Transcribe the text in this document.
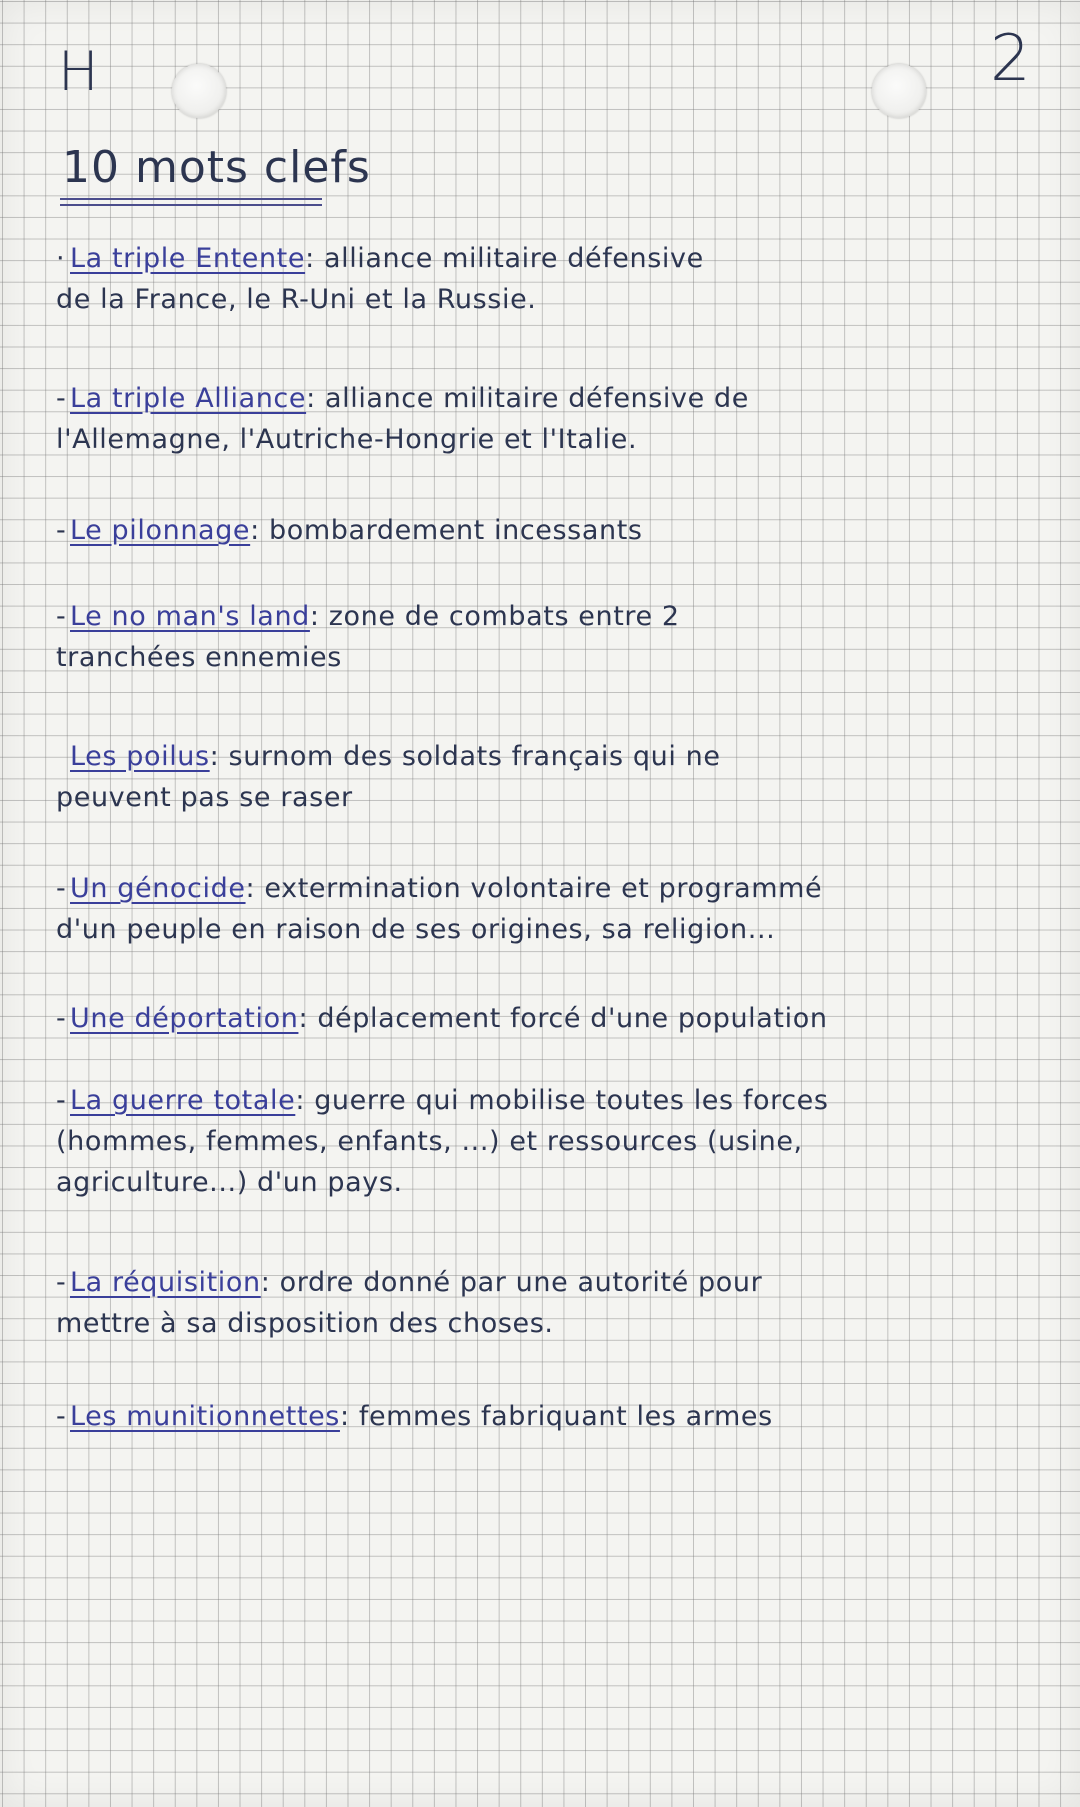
H	2
10 mots clefs
· La triple Entente: alliance militaire défensive
de la France, le R-Uni et la Russie.
- La triple Alliance: alliance militaire défensive de
l'Allemagne, l'Autriche-Hongrie et l'Italie.
- Le pilonnage: bombardement incessants
- Le no man's land: zone de combats entre 2
tranchées ennemies
Les poilus: surnom des soldats français qui ne
peuvent pas se raser
- Un génocide: extermination volontaire et programmé
d'un peuple en raison de ses origines, sa religion...
- Une déportation: déplacement forcé d'une population
- La guerre totale: guerre qui mobilise toutes les forces
(hommes, femmes, enfants, ...) et ressources (usine,
agriculture...) d'un pays.
- La réquisition: ordre donné par une autorité pour
mettre à sa disposition des choses.
- Les munitionnettes: femmes fabriquant les armes
